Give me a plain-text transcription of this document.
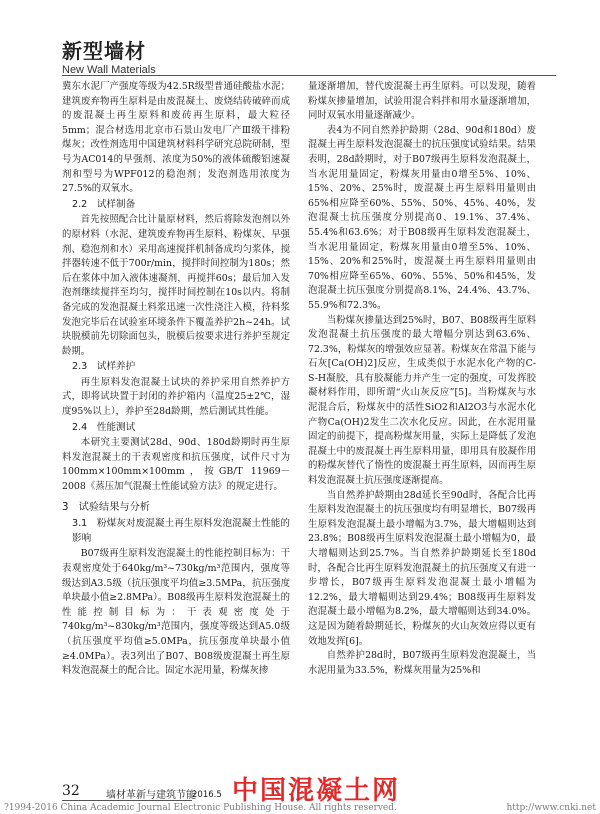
新型墙材
New Wall Materials

冀东水泥厂产强度等级为42.5R级型普通硅酸盐水泥；建筑废弃物再生原料是由废混凝土、废烧结砖破碎而成的废混凝土再生原料和废砖再生原料，最大粒径5mm；混合材选用北京市石景山发电厂产Ⅲ级干排粉煤灰；改性剂选用中国建筑材料科学研究总院研制，型号为AC014的早强剂、浓度为50%的液体硫酸铝速凝剂和型号为WPF012的稳泡剂；发泡剂选用浓度为27.5%的双氧水。

2.2　试样制备

首先按照配合比计量原材料，然后将除发泡剂以外的原材料（水泥、建筑废弃物再生原料、粉煤灰、早强剂、稳泡剂和水）采用高速搅拌机制备成均匀浆体，搅拌器转速不低于700r/min，搅拌时间控制为180s；然后在浆体中加入液体速凝剂，再搅拌60s；最后加入发泡剂继续搅拌至均匀，搅拌时间控制在10s以内。将制备完成的发泡混凝土料浆迅速一次性浇注入模，待料浆发泡完毕后在试验室环境条件下覆盖养护2h~24h。试块脱模前先切除面包头，脱模后按要求进行养护至规定龄期。

2.3　试样养护

再生原料发泡混凝土试块的养护采用自然养护方式，即将试块置于封闭的养护箱内（温度25±2℃，湿度95%以上），养护至28d龄期，然后测试其性能。

2.4　性能测试

本研究主要测试28d、90d、180d龄期时再生原料发泡混凝土的干表观密度和抗压强度，试件尺寸为100mm×100mm×100mm，按GB/T 11969－2008《蒸压加气混凝土性能试验方法》的规定进行。

3　试验结果与分析
3.1　粉煤灰对废混凝土再生原料发泡混凝土性能的影响

B07级再生原料发泡混凝土的性能控制目标为：干表观密度处于640kg/m³~730kg/m³范围内，强度等级达到A3.5级（抗压强度平均值≥3.5MPa，抗压强度单块最小值≥2.8MPa）。B08级再生原料发泡混凝土的性能控制目标为：干表观密度处于740kg/m³~830kg/m³范围内，强度等级达到A5.0级（抗压强度平均值≥5.0MPa，抗压强度单块最小值≥4.0MPa）。表3列出了B07、B08级废混凝土再生原料发泡混凝土的配合比。固定水泥用量，粉煤灰掺

量逐渐增加，替代废混凝土再生原料。可以发现，随着粉煤灰掺量增加，试验用混合料拌和用水量逐渐增加，同时双氧水用量逐渐减少。

表4为不同自然养护龄期（28d、90d和180d）废混凝土再生原料发泡混凝土的抗压强度试验结果。结果表明，28d龄期时，对于B07级再生原料发泡混凝土，当水泥用量固定，粉煤灰用量由0增至5%、10%、15%、20%、25%时，废混凝土再生原料用量则由65%相应降至60%、55%、50%、45%、40%，发泡混凝土抗压强度分别提高0、19.1%、37.4%、55.4%和63.6%；对于B08级再生原料发泡混凝土，当水泥用量固定，粉煤灰用量由0增至5%、10%、15%、20%和25%时，废混凝土再生原料用量则由70%相应降至65%、60%、55%、50%和45%，发泡混凝土抗压强度分别提高8.1%、24.4%、43.7%、55.9%和72.3%。

当粉煤灰掺量达到25%时，B07、B08级再生原料发泡混凝土抗压强度的最大增幅分别达到63.6%、72.3%，粉煤灰的增强效应显著。粉煤灰在常温下能与石灰[Ca(OH)2]反应，生成类似于水泥水化产物的C-S-H凝胶，具有胶凝能力并产生一定的强度，可发挥胶凝材料作用，即所谓“火山灰反应”[5]。当粉煤灰与水泥混合后，粉煤灰中的活性SiO2和Al2O3与水泥水化产物Ca(OH)2发生二次水化反应。因此，在水泥用量固定的前提下，提高粉煤灰用量，实际上是降低了发泡混凝土中的废混凝土再生原料用量，即用具有胶凝作用的粉煤灰替代了惰性的废混凝土再生原料，因而再生原料发泡混凝土抗压强度逐渐提高。

当自然养护龄期由28d延长至90d时，各配合比再生原料发泡混凝土的抗压强度均有明显增长，B07级再生原料发泡混凝土最小增幅为3.7%，最大增幅则达到23.8%；B08级再生原料发泡混凝土最小增幅为0，最大增幅则达到25.7%。当自然养护龄期延长至180d时，各配合比再生原料发泡混凝土的抗压强度又有进一步增长，B07级再生原料发泡混凝土最小增幅为12.2%，最大增幅则达到29.4%；B08级再生原料发泡混凝土最小增幅为8.2%，最大增幅则达到34.0%。这是因为随着龄期延长，粉煤灰的火山灰效应得以更有效地发挥[6]。

自然养护28d时，B07级再生原料发泡混凝土，当水泥用量为33.5%，粉煤灰用量为25%和

32	墙材革新与建筑节能
2016.5 中国混凝土网
?1994-2016 China Academic Journal Electronic Publishing House. All rights reserved.	http://www.cnki.net
